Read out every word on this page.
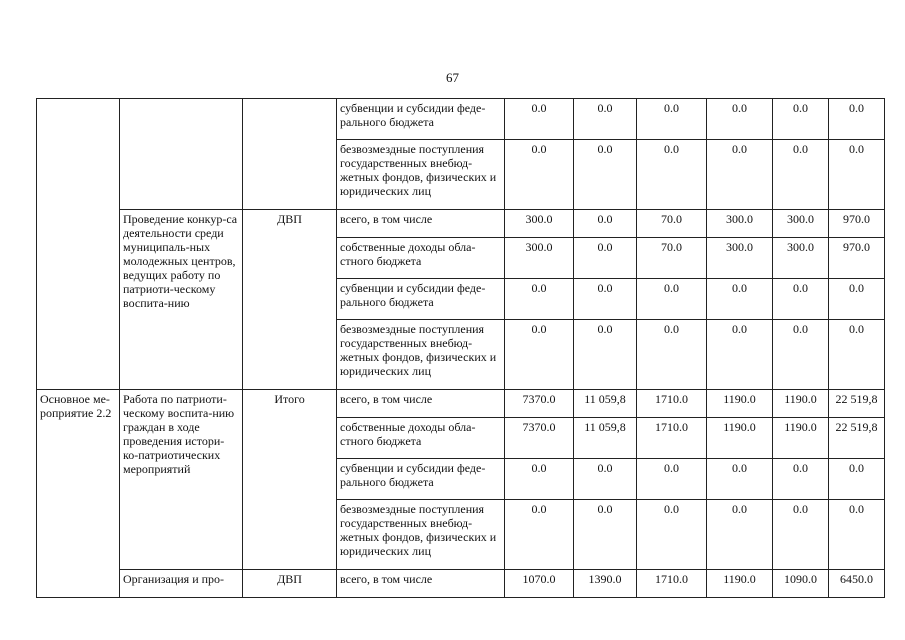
67
			субвенции и субсидии феде-ральногo бюджета	0.0	0.0	0.0	0.0	0.0	0.0
			безвозмездные поступления государственных внебюд-жетных фондов, физических и юридических лиц	0.0	0.0	0.0	0.0	0.0	0.0
	Проведение конкур-са деятельности среди муниципаль-ных молодежных центров, ведущих работу по патриоти-ческому воспита-нию	ДВП	всего, в том числе	300.0	0.0	70.0	300.0	300.0	970.0
			собственные доходы обла-стного бюджета	300.0	0.0	70.0	300.0	300.0	970.0
			субвенции и субсидии феде-рального бюджета	0.0	0.0	0.0	0.0	0.0	0.0
			безвозмездные поступления государственных внебюд-жетных фондов, физических и юридических лиц	0.0	0.0	0.0	0.0	0.0	0.0
Основное ме-роприятие 2.2	Работа по патриоти-ческому воспита-нию граждан в ходе проведения истори-ко-патриотических мероприятий	Итого	всего, в том числе	7370.0	11 059,8	1710.0	1190.0	1190.0	22 519,8
			собственные доходы обла-стного бюджета	7370.0	11 059,8	1710.0	1190.0	1190.0	22 519,8
			субвенции и субсидии феде-рального бюджета	0.0	0.0	0.0	0.0	0.0	0.0
			безвозмездные поступления государственных внебюд-жетных фондов, физических и юридических лиц	0.0	0.0	0.0	0.0	0.0	0.0
	Организация и про-	ДВП	всего, в том числе	1070.0	1390.0	1710.0	1190.0	1090.0	6450.0
